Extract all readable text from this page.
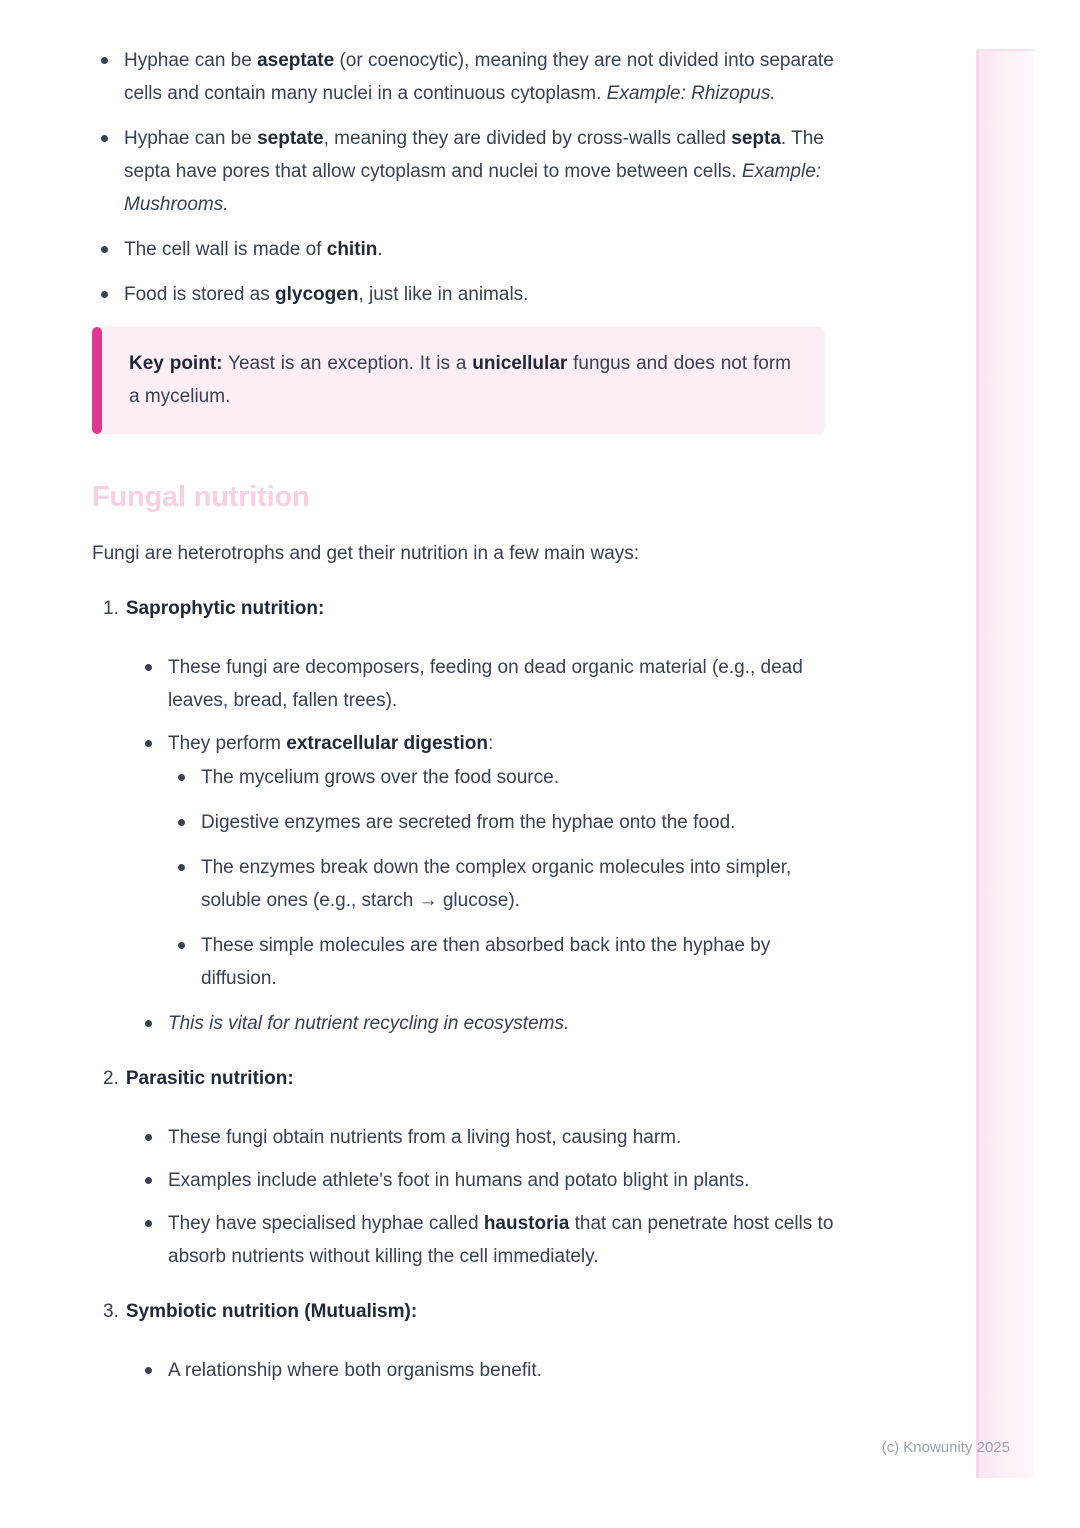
Hyphae can be aseptate (or coenocytic), meaning they are not divided into separate cells and contain many nuclei in a continuous cytoplasm. Example: Rhizopus.
Hyphae can be septate, meaning they are divided by cross-walls called septa. The septa have pores that allow cytoplasm and nuclei to move between cells. Example: Mushrooms.
The cell wall is made of chitin.
Food is stored as glycogen, just like in animals.

Key point: Yeast is an exception. It is a unicellular fungus and does not form a mycelium.

Fungal nutrition

Fungi are heterotrophs and get their nutrition in a few main ways:

1. Saprophytic nutrition:
These fungi are decomposers, feeding on dead organic material (e.g., dead leaves, bread, fallen trees).
They perform extracellular digestion:
The mycelium grows over the food source.
Digestive enzymes are secreted from the hyphae onto the food.
The enzymes break down the complex organic molecules into simpler, soluble ones (e.g., starch → glucose).
These simple molecules are then absorbed back into the hyphae by diffusion.
This is vital for nutrient recycling in ecosystems.
2. Parasitic nutrition:
These fungi obtain nutrients from a living host, causing harm.
Examples include athlete's foot in humans and potato blight in plants.
They have specialised hyphae called haustoria that can penetrate host cells to absorb nutrients without killing the cell immediately.
3. Symbiotic nutrition (Mutualism):
A relationship where both organisms benefit.
(c) Knowunity 2025
